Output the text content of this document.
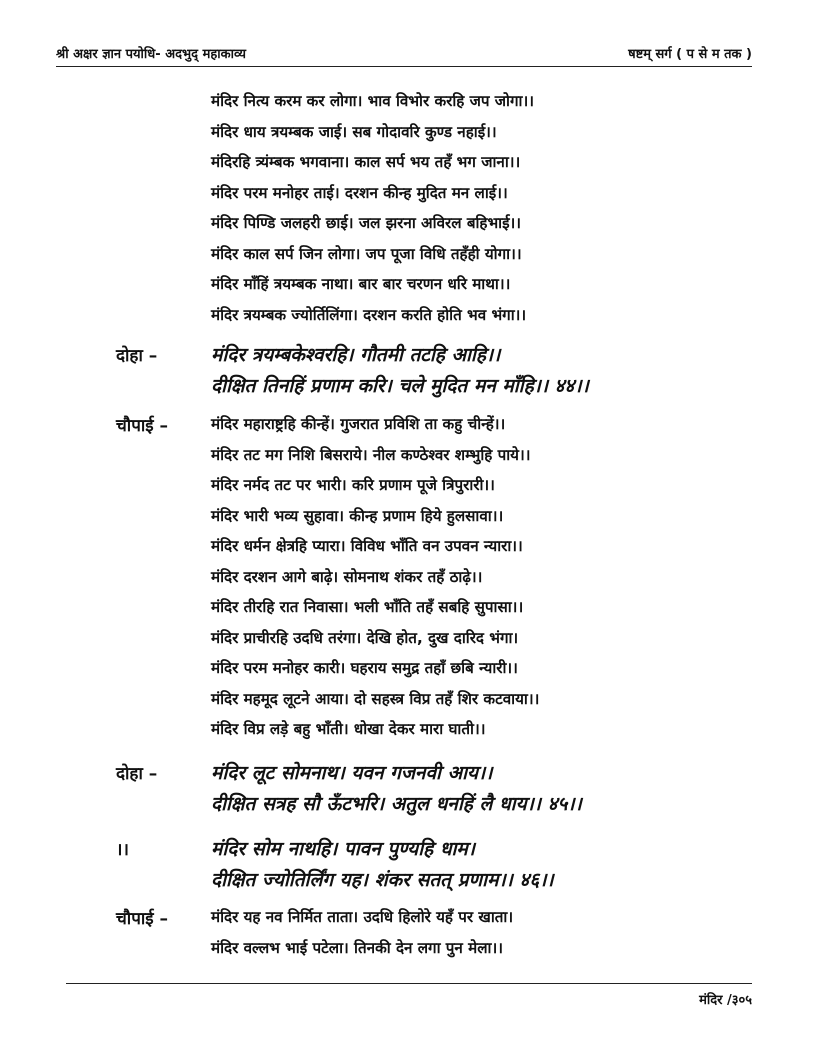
श्री अक्षर ज्ञान पयोधि- अदभुद् महाकाव्य	षष्टम् सर्ग ( प से म तक )
मंदिर नित्य करम कर लोगा। भाव विभोर करहि जप जोगा।।
मंदिर धाय त्रयम्बक जाई। सब गोदावरि कुण्ड नहाई।।
मंदिरहि त्र्यंम्बक भगवाना। काल सर्प भय तहँ भग जाना।।
मंदिर परम मनोहर ताई। दरशन कीन्ह मुदित मन लाई।।
मंदिर पिण्डि जलहरी छाई। जल झरना अविरल बहिभाई।।
मंदिर काल सर्प जिन लोगा। जप पूजा विधि तहँही योगा।।
मंदिर माँहिं त्रयम्बक नाथा। बार बार चरणन धरि माथा।।
मंदिर त्रयम्बक ज्योर्तिलिंगा। दरशन करति होति भव भंगा।।
दोहा –	मंदिर त्रयम्बकेश्वरहि। गौतमी तटहि आहि।।
दीक्षित तिनहिं प्रणाम करि। चले मुदित मन माँहि।। ४४।।
चौपाई –	मंदिर महाराष्ट्रहि कीन्हें। गुजरात प्रविशि ता कहु चीन्हें।।
मंदिर तट मग निशि बिसराये। नील कण्ठेश्वर शम्भुहि पाये।।
मंदिर नर्मद तट पर भारी। करि प्रणाम पूजे त्रिपुरारी।।
मंदिर भारी भव्य सुहावा। कीन्ह प्रणाम हिये हुलसावा।।
मंदिर धर्मन क्षेत्रहि प्यारा। विविध भाँति वन उपवन न्यारा।।
मंदिर दरशन आगे बाढ़े। सोमनाथ शंकर तहँ ठाढ़े।।
मंदिर तीरहि रात निवासा। भली भाँति तहँ सबहि सुपासा।।
मंदिर प्राचीरहि उदधि तरंगा। देखि होत, दुख दारिद भंगा।
मंदिर परम मनोहर कारी। घहराय समुद्र तहाँ छबि न्यारी।।
मंदिर महमूद लूटने आया। दो सहस्त्र विप्र तहँ शिर कटवाया।।
मंदिर विप्र लड़े बहु भाँती। धोखा देकर मारा घाती।।
दोहा –	मंदिर लूट सोमनाथ। यवन गजनवी आय।।
दीक्षित सत्रह सौ ऊँटभरि। अतुल धनहिं लै धाय।। ४५।।
।।	मंदिर सोम नाथहि। पावन पुण्यहि धाम।
दीक्षित ज्योतिर्लिंग यह। शंकर सतत् प्रणाम।। ४६।।
चौपाई –	मंदिर यह नव निर्मित ताता। उदधि हिलोरे यहँ पर खाता।
मंदिर वल्लभ भाई पटेला। तिनकी देन लगा पुन मेला।।
मंदिर /३०५
